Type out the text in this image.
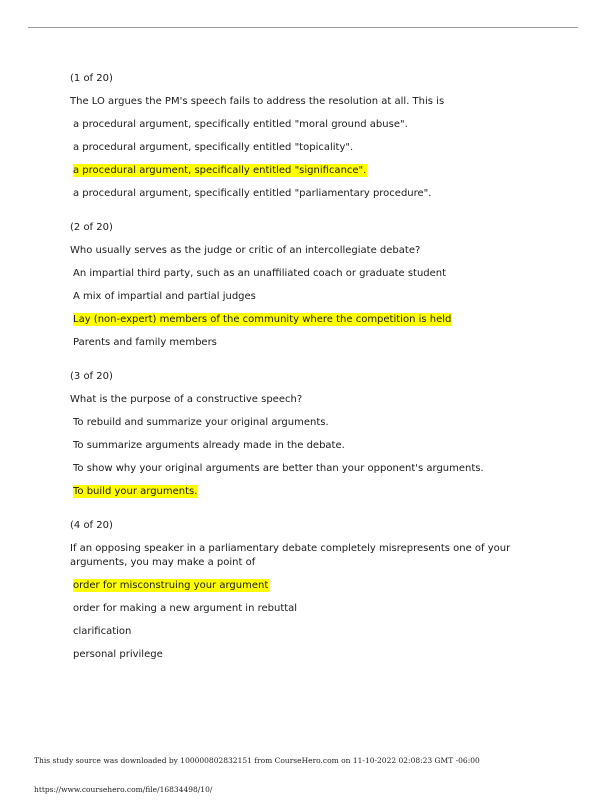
(1 of 20)

The LO argues the PM's speech fails to address the resolution at all. This is

a procedural argument, specifically entitled "moral ground abuse".
a procedural argument, specifically entitled "topicality".
a procedural argument, specifically entitled "significance".
a procedural argument, specifically entitled "parliamentary procedure".

(2 of 20)

Who usually serves as the judge or critic of an intercollegiate debate?

An impartial third party, such as an unaffiliated coach or graduate student
A mix of impartial and partial judges
Lay (non-expert) members of the community where the competition is held
Parents and family members

(3 of 20)

What is the purpose of a constructive speech?

To rebuild and summarize your original arguments.
To summarize arguments already made in the debate.
To show why your original arguments are better than your opponent's arguments.
To build your arguments.

(4 of 20)

If an opposing speaker in a parliamentary debate completely misrepresents one of your arguments, you may make a point of

order for misconstruing your argument
order for making a new argument in rebuttal
clarification
personal privilege
This study source was downloaded by 100000802832151 from CourseHero.com on 11-10-2022 02:08:23 GMT -06:00
https://www.coursehero.com/file/16834498/10/
